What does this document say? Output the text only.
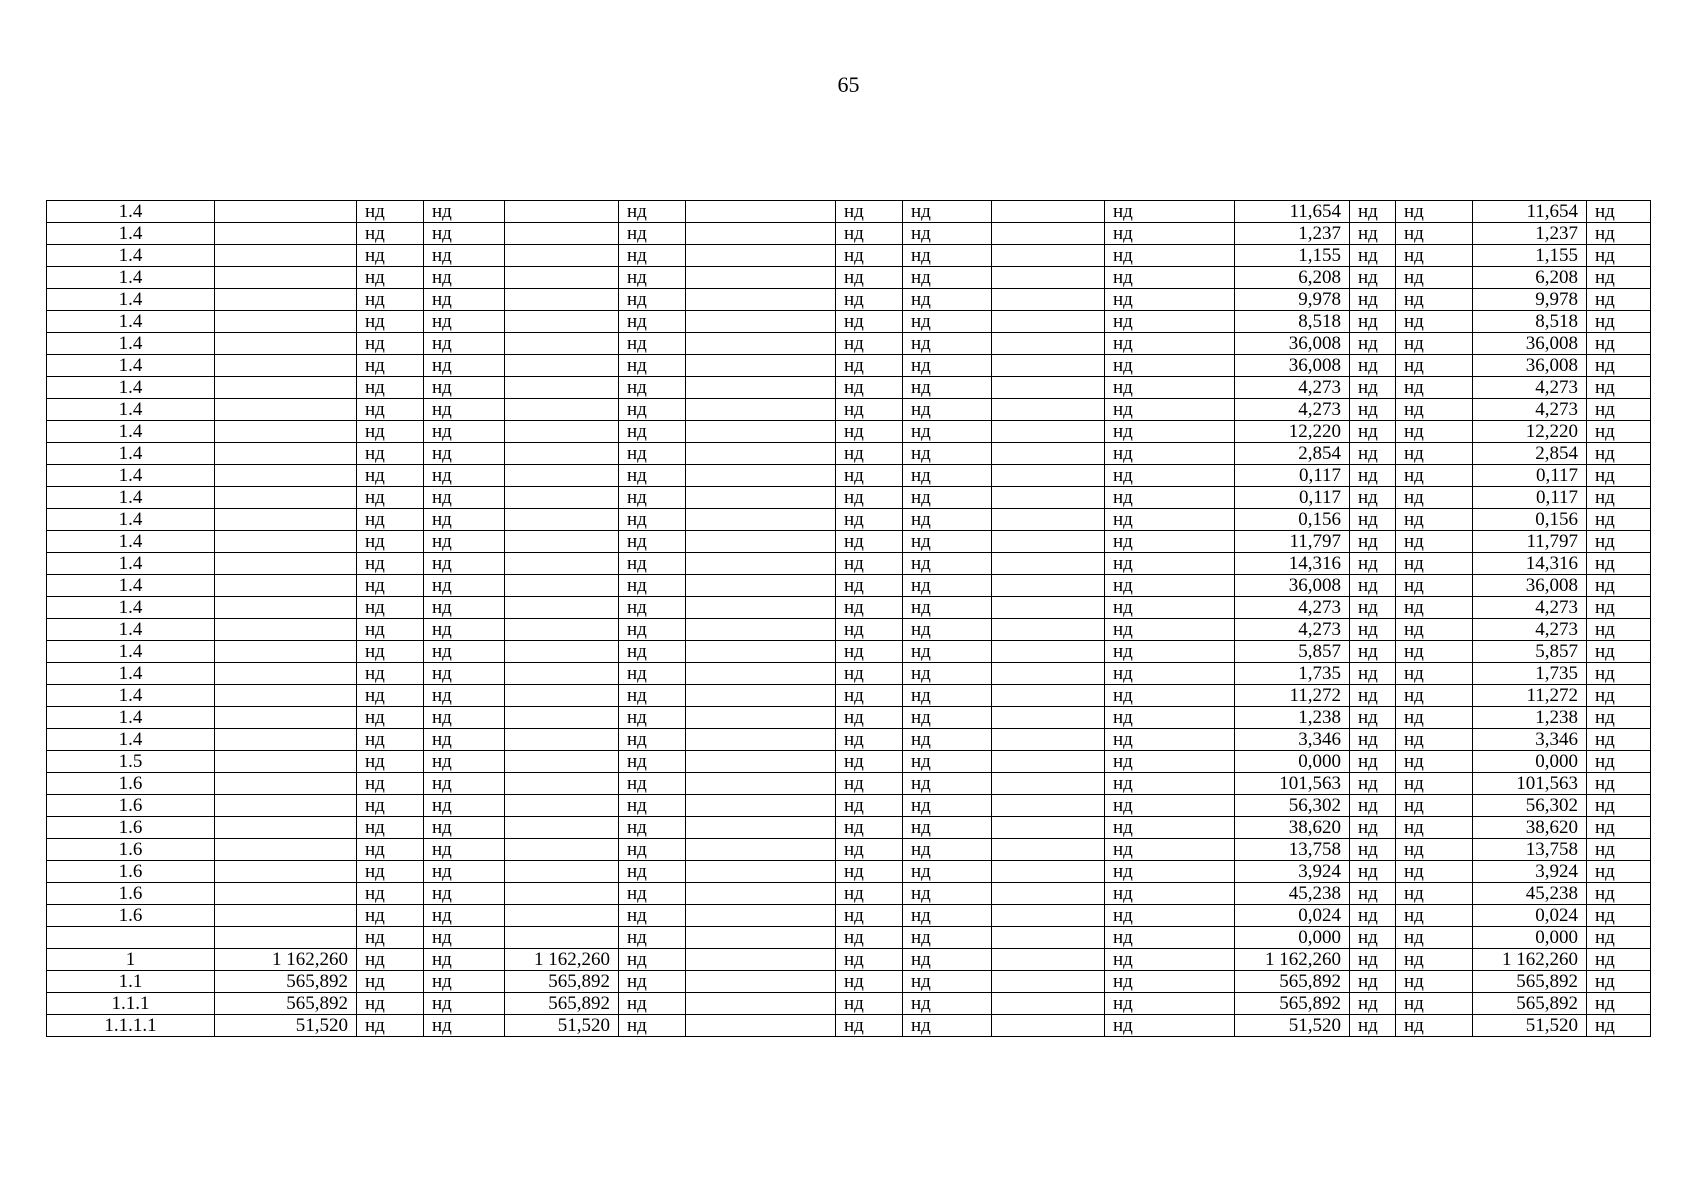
65
1.4		нд	нд		нд		нд	нд		нд	11,654	нд	нд	11,654	нд
1.4		нд	нд		нд		нд	нд		нд	1,237	нд	нд	1,237	нд
1.4		нд	нд		нд		нд	нд		нд	1,155	нд	нд	1,155	нд
1.4		нд	нд		нд		нд	нд		нд	6,208	нд	нд	6,208	нд
1.4		нд	нд		нд		нд	нд		нд	9,978	нд	нд	9,978	нд
1.4		нд	нд		нд		нд	нд		нд	8,518	нд	нд	8,518	нд
1.4		нд	нд		нд		нд	нд		нд	36,008	нд	нд	36,008	нд
1.4		нд	нд		нд		нд	нд		нд	36,008	нд	нд	36,008	нд
1.4		нд	нд		нд		нд	нд		нд	4,273	нд	нд	4,273	нд
1.4		нд	нд		нд		нд	нд		нд	4,273	нд	нд	4,273	нд
1.4		нд	нд		нд		нд	нд		нд	12,220	нд	нд	12,220	нд
1.4		нд	нд		нд		нд	нд		нд	2,854	нд	нд	2,854	нд
1.4		нд	нд		нд		нд	нд		нд	0,117	нд	нд	0,117	нд
1.4		нд	нд		нд		нд	нд		нд	0,117	нд	нд	0,117	нд
1.4		нд	нд		нд		нд	нд		нд	0,156	нд	нд	0,156	нд
1.4		нд	нд		нд		нд	нд		нд	11,797	нд	нд	11,797	нд
1.4		нд	нд		нд		нд	нд		нд	14,316	нд	нд	14,316	нд
1.4		нд	нд		нд		нд	нд		нд	36,008	нд	нд	36,008	нд
1.4		нд	нд		нд		нд	нд		нд	4,273	нд	нд	4,273	нд
1.4		нд	нд		нд		нд	нд		нд	4,273	нд	нд	4,273	нд
1.4		нд	нд		нд		нд	нд		нд	5,857	нд	нд	5,857	нд
1.4		нд	нд		нд		нд	нд		нд	1,735	нд	нд	1,735	нд
1.4		нд	нд		нд		нд	нд		нд	11,272	нд	нд	11,272	нд
1.4		нд	нд		нд		нд	нд		нд	1,238	нд	нд	1,238	нд
1.4		нд	нд		нд		нд	нд		нд	3,346	нд	нд	3,346	нд
1.5		нд	нд		нд		нд	нд		нд	0,000	нд	нд	0,000	нд
1.6		нд	нд		нд		нд	нд		нд	101,563	нд	нд	101,563	нд
1.6		нд	нд		нд		нд	нд		нд	56,302	нд	нд	56,302	нд
1.6		нд	нд		нд		нд	нд		нд	38,620	нд	нд	38,620	нд
1.6		нд	нд		нд		нд	нд		нд	13,758	нд	нд	13,758	нд
1.6		нд	нд		нд		нд	нд		нд	3,924	нд	нд	3,924	нд
1.6		нд	нд		нд		нд	нд		нд	45,238	нд	нд	45,238	нд
1.6		нд	нд		нд		нд	нд		нд	0,024	нд	нд	0,024	нд
		нд	нд		нд		нд	нд		нд	0,000	нд	нд	0,000	нд
1	1 162,260	нд	нд	1 162,260	нд		нд	нд		нд	1 162,260	нд	нд	1 162,260	нд
1.1	565,892	нд	нд	565,892	нд		нд	нд		нд	565,892	нд	нд	565,892	нд
1.1.1	565,892	нд	нд	565,892	нд		нд	нд		нд	565,892	нд	нд	565,892	нд
1.1.1.1	51,520	нд	нд	51,520	нд		нд	нд		нд	51,520	нд	нд	51,520	нд
